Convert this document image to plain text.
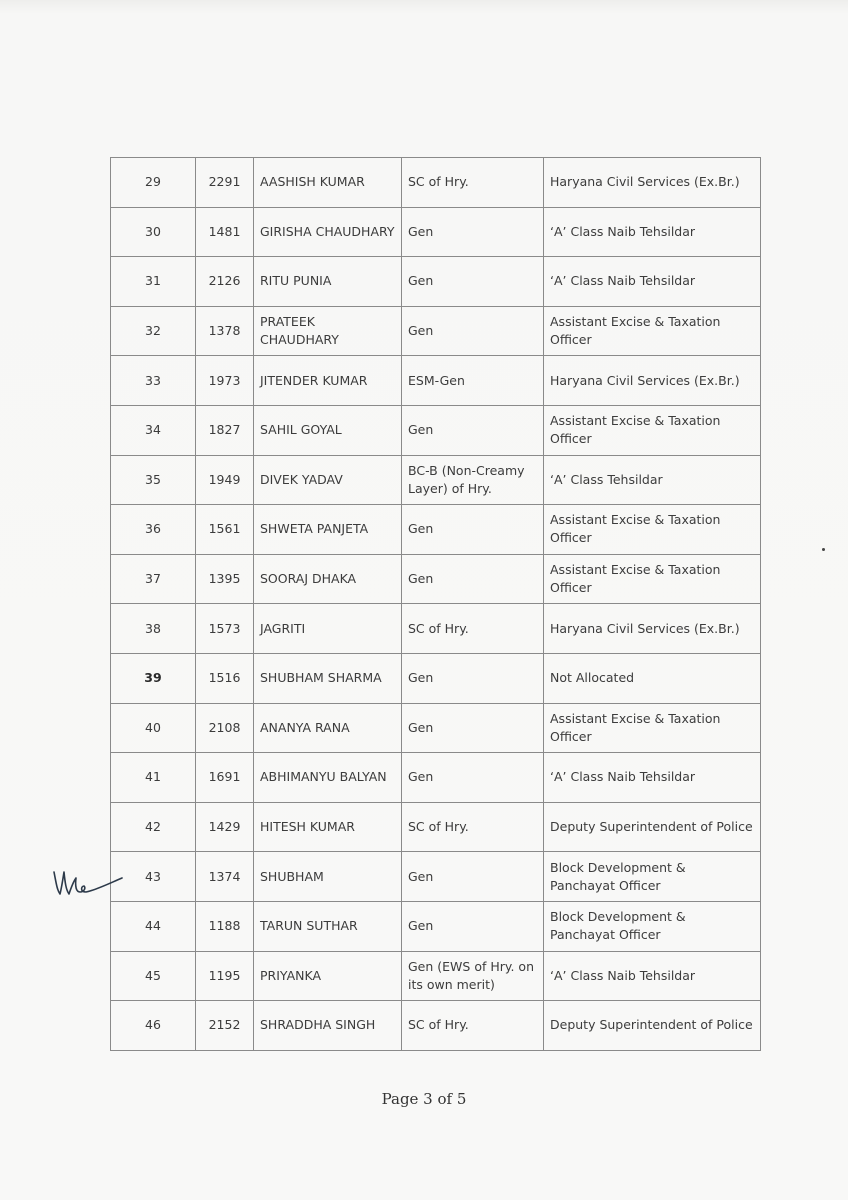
29	2291	AASHISH KUMAR	SC of Hry.	Haryana Civil Services (Ex.Br.)
30	1481	GIRISHA CHAUDHARY	Gen	‘A’ Class Naib Tehsildar
31	2126	RITU PUNIA	Gen	‘A’ Class Naib Tehsildar
32	1378	PRATEEK CHAUDHARY	Gen	Assistant Excise & Taxation Officer
33	1973	JITENDER KUMAR	ESM-Gen	Haryana Civil Services (Ex.Br.)
34	1827	SAHIL GOYAL	Gen	Assistant Excise & Taxation Officer
35	1949	DIVEK YADAV	BC-B (Non-Creamy Layer) of Hry.	‘A’ Class Tehsildar
36	1561	SHWETA PANJETA	Gen	Assistant Excise & Taxation Officer
37	1395	SOORAJ DHAKA	Gen	Assistant Excise & Taxation Officer
38	1573	JAGRITI	SC of Hry.	Haryana Civil Services (Ex.Br.)
39	1516	SHUBHAM SHARMA	Gen	Not Allocated
40	2108	ANANYA RANA	Gen	Assistant Excise & Taxation Officer
41	1691	ABHIMANYU BALYAN	Gen	‘A’ Class Naib Tehsildar
42	1429	HITESH KUMAR	SC of Hry.	Deputy Superintendent of Police
43	1374	SHUBHAM	Gen	Block Development & Panchayat Officer
44	1188	TARUN SUTHAR	Gen	Block Development & Panchayat Officer
45	1195	PRIYANKA	Gen (EWS of Hry. on its own merit)	‘A’ Class Naib Tehsildar
46	2152	SHRADDHA SINGH	SC of Hry.	Deputy Superintendent of Police
Page 3 of 5
